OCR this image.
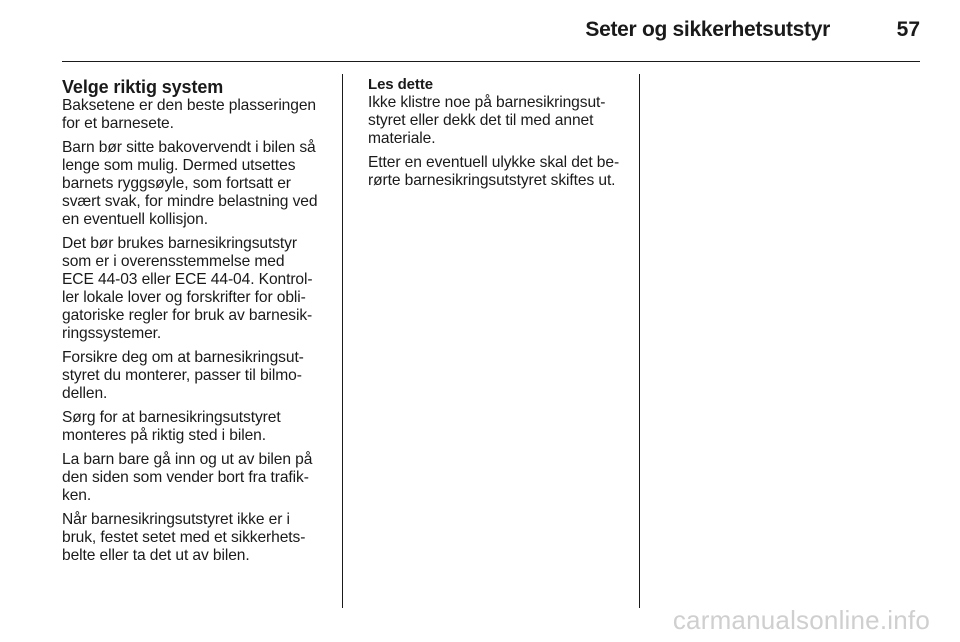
Seter og sikkerhetsutstyr	57
Velge riktig system

Baksetene er den beste plasseringen
for et barnesete.

Barn bør sitte bakovervendt i bilen så
lenge som mulig. Dermed utsettes
barnets ryggsøyle, som fortsatt er
svært svak, for mindre belastning ved
en eventuell kollisjon.

Det bør brukes barnesikringsutstyr
som er i overensstemmelse med
ECE 44-03 eller ECE 44-04. Kontrol-
ler lokale lover og forskrifter for obli-
gatoriske regler for bruk av barnesik-
ringssystemer.

Forsikre deg om at barnesikringsut-
styret du monterer, passer til bilmo-
dellen.

Sørg for at barnesikringsutstyret
monteres på riktig sted i bilen.

La barn bare gå inn og ut av bilen på
den siden som vender bort fra trafik-
ken.

Når barnesikringsutstyret ikke er i
bruk, festet setet med et sikkerhets-
belte eller ta det ut av bilen.

Les dette

Ikke klistre noe på barnesikringsut-
styret eller dekk det til med annet
materiale.

Etter en eventuell ulykke skal det be-
rørte barnesikringsutstyret skiftes ut.

carmanualsonline.info
